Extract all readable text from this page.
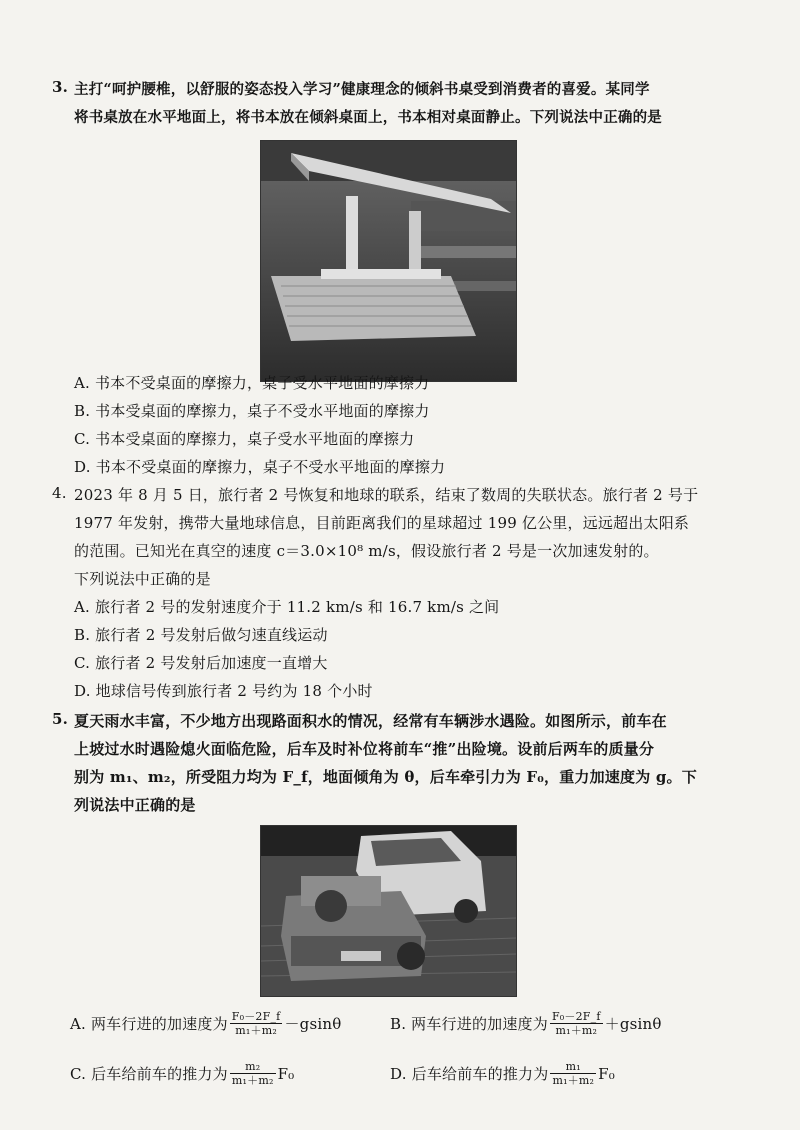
3. 主打“呵护腰椎，以舒服的姿态投入学习”健康理念的倾斜书桌受到消费者的喜爱。某同学
将书桌放在水平地面上，将书本放在倾斜桌面上，书本相对桌面静止。下列说法中正确的是
A. 书本不受桌面的摩擦力，桌子受水平地面的摩擦力
B. 书本受桌面的摩擦力，桌子不受水平地面的摩擦力
C. 书本受桌面的摩擦力，桌子受水平地面的摩擦力
D. 书本不受桌面的摩擦力，桌子不受水平地面的摩擦力
4. 2023 年 8 月 5 日，旅行者 2 号恢复和地球的联系，结束了数周的失联状态。旅行者 2 号于
1977 年发射，携带大量地球信息，目前距离我们的星球超过 199 亿公里，远远超出太阳系
的范围。已知光在真空的速度 c＝3.0×10⁸ m/s，假设旅行者 2 号是一次加速发射的。
下列说法中正确的是
A. 旅行者 2 号的发射速度介于 11.2 km/s 和 16.7 km/s 之间
B. 旅行者 2 号发射后做匀速直线运动
C. 旅行者 2 号发射后加速度一直增大
D. 地球信号传到旅行者 2 号约为 18 个小时
5. 夏天雨水丰富，不少地方出现路面积水的情况，经常有车辆涉水遇险。如图所示，前车在
上坡过水时遇险熄火面临危险，后车及时补位将前车“推”出险境。设前后两车的质量分
别为 m₁、m₂，所受阻力均为 F_f，地面倾角为 θ，后车牵引力为 F₀，重力加速度为 g。下
列说法中正确的是
A. 两车行进的加速度为 $\frac{\text{F₀－2F\_f}}{\text{m₁＋m₂}} -gsin\theta$	B. 两车行进的加速度为 $\frac{\text{F₀－2F\_f}}{\text{m₁＋m₂}} +gsin\theta$
C. 后车给前车的推力为 $\frac{\text{m₂}}{\text{m₁＋m₂}} F_0$	D. 后车给前车的推力为 $\frac{\text{m₁}}{\text{m₁＋m₂}} F_0$
